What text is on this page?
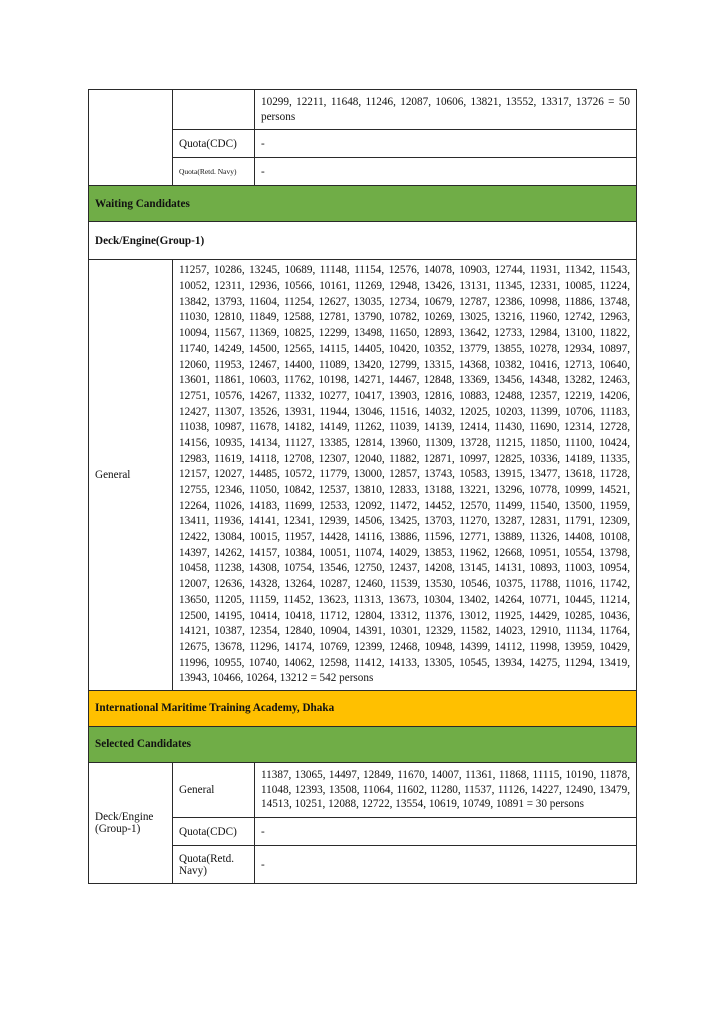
		10299, 12211, 11648, 11246, 12087, 10606, 13821, 13552, 13317, 13726 = 50 persons
	Quota(CDC)	-
	Quota(Retd. Navy)	-
Waiting Candidates		
Deck/Engine(Group-1)		
General	11257, 10286, 13245, 10689, 11148, 11154, 12576, 14078, 10903, 12744, 11931, 11342, 11543, 10052, 12311, 12936, 10566, 10161, 11269, 12948, 13426, 13131, 11345, 12331, 10085, 11224, 13842, 13793, 11604, 11254, 12627, 13035, 12734, 10679, 12787, 12386, 10998, 11886, 13748, 11030, 12810, 11849, 12588, 12781, 13790, 10782, 10269, 13025, 13216, 11960, 12742, 12963, 10094, 11567, 11369, 10825, 12299, 13498, 11650, 12893, 13642, 12733, 12984, 13100, 11822, 11740, 14249, 14500, 12565, 14115, 14405, 10420, 10352, 13779, 13855, 10278, 12934, 10897, 12060, 11953, 12467, 14400, 11089, 13420, 12799, 13315, 14368, 10382, 10416, 12713, 10640, 13601, 11861, 10603, 11762, 10198, 14271, 14467, 12848, 13369, 13456, 14348, 13282, 12463, 12751, 10576, 14267, 11332, 10277, 10417, 13903, 12816, 10883, 12488, 12357, 12219, 14206, 12427, 11307, 13526, 13931, 11944, 13046, 11516, 14032, 12025, 10203, 11399, 10706, 11183, 11038, 10987, 11678, 14182, 14149, 11262, 11039, 14139, 12414, 11430, 11690, 12314, 12728, 14156, 10935, 14134, 11127, 13385, 12814, 13960, 11309, 13728, 11215, 11850, 11100, 10424, 12983, 11619, 14118, 12708, 12307, 12040, 11882, 12871, 10997, 12825, 10336, 14189, 11335, 12157, 12027, 14485, 10572, 11779, 13000, 12857, 13743, 10583, 13915, 13477, 13618, 11728, 12755, 12346, 11050, 10842, 12537, 13810, 12833, 13188, 13221, 13296, 10778, 10999, 14521, 12264, 11026, 14183, 11699, 12533, 12092, 11472, 14452, 12570, 11499, 11540, 13500, 11959, 13411, 11936, 14141, 12341, 12939, 14506, 13425, 13703, 11270, 13287, 12831, 11791, 12309, 12422, 13084, 10015, 11957, 14428, 14116, 13886, 11596, 12771, 13889, 11326, 14408, 10108, 14397, 14262, 14157, 10384, 10051, 11074, 14029, 13853, 11962, 12668, 10951, 10554, 13798, 10458, 11238, 14308, 10754, 13546, 12750, 12437, 14208, 13145, 14131, 10893, 11003, 10954, 12007, 12636, 14328, 13264, 10287, 12460, 11539, 13530, 10546, 10375, 11788, 11016, 11742, 13650, 11205, 11159, 11452, 13623, 11313, 13673, 10304, 13402, 14264, 10771, 10445, 11214, 12500, 14195, 10414, 10418, 11712, 12804, 13312, 11376, 13012, 11925, 14429, 10285, 10436, 14121, 10387, 12354, 12840, 10904, 14391, 10301, 12329, 11582, 14023, 12910, 11134, 11764, 12675, 13678, 11296, 14174, 10769, 12399, 12468, 10948, 14399, 14112, 11998, 13959, 10429, 11996, 10955, 10740, 14062, 12598, 11412, 14133, 13305, 10545, 13934, 14275, 11294, 13419, 13943, 10466, 10264, 13212 = 542 persons	
International Maritime Training Academy, Dhaka		
Selected Candidates		
Deck/Engine (Group-1)	General	11387, 13065, 14497, 12849, 11670, 14007, 11361, 11868, 11115, 10190, 11878, 11048, 12393, 13508, 11064, 11602, 11280, 11537, 11126, 14227, 12490, 13479, 14513, 10251, 12088, 12722, 13554, 10619, 10749, 10891 = 30 persons
	Quota(CDC)	-
	Quota(Retd. Navy)	-
